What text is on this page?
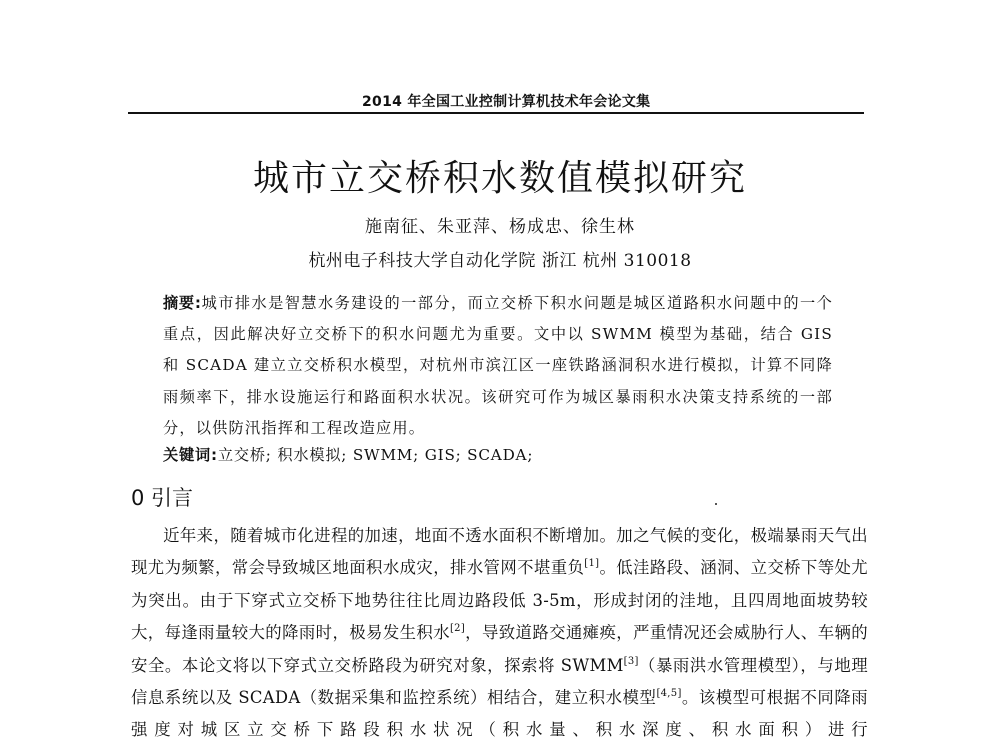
2014 年全国工业控制计算机技术年会论文集
城市立交桥积水数值模拟研究
施南征、朱亚萍、杨成忠、徐生林
杭州电子科技大学自动化学院 浙江 杭州 310018
摘要:城市排水是智慧水务建设的一部分，而立交桥下积水问题是城区道路积水问题中的一个重点，因此解决好立交桥下的积水问题尤为重要。文中以 SWMM 模型为基础，结合 GIS 和 SCADA 建立立交桥积水模型，对杭州市滨江区一座铁路涵洞积水进行模拟，计算不同降雨频率下，排水设施运行和路面积水状况。该研究可作为城区暴雨积水决策支持系统的一部分，以供防汛指挥和工程改造应用。
关键词:立交桥; 积水模拟; SWMM; GIS; SCADA;
0 引言
近年来，随着城市化进程的加速，地面不透水面积不断增加。加之气候的变化，极端暴雨天气出现尤为频繁，常会导致城区地面积水成灾，排水管网不堪重负[1]。低洼路段、涵洞、立交桥下等处尤为突出。由于下穿式立交桥下地势往往比周边路段低 3-5m，形成封闭的洼地，且四周地面坡势较大，每逢雨量较大的降雨时，极易发生积水[2]，导致道路交通瘫痪，严重情况还会威胁行人、车辆的安全。本论文将以下穿式立交桥路段为研究对象，探索将 SWMM[3]（暴雨洪水管理模型），与地理信息系统以及 SCADA（数据采集和监控系统）相结合，建立积水模型[4,5]。该模型可根据不同降雨强度对城区立交桥下路段积水状况（积水量、积水深度、积水面积）进行
